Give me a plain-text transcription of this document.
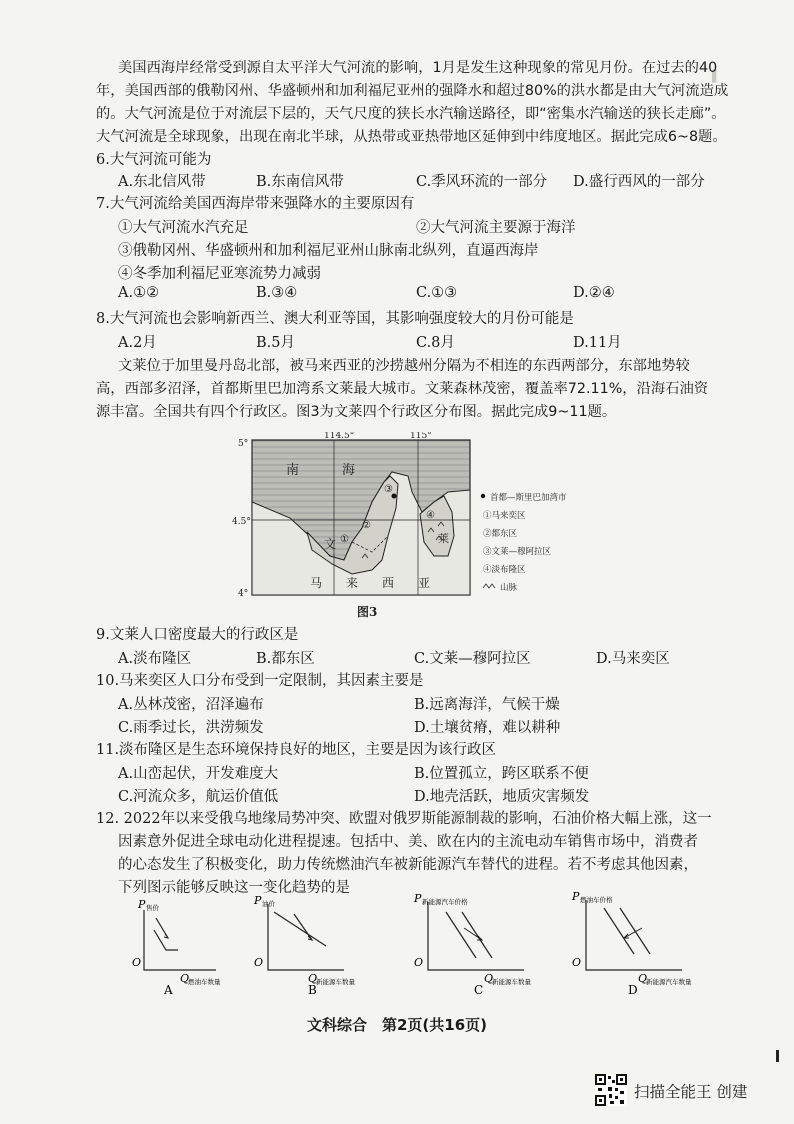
▌
美国西海岸经常受到源自太平洋大气河流的影响，1月是发生这种现象的常见月份。在过去的40
年，美国西部的俄勒冈州、华盛顿州和加利福尼亚州的强降水和超过80%的洪水都是由大气河流造成
的。大气河流是位于对流层下层的，天气尺度的狭长水汽输送路径，即“密集水汽输送的狭长走廊”。
大气河流是全球现象，出现在南北半球，从热带或亚热带地区延伸到中纬度地区。据此完成6~8题。
6.大气河流可能为
A.东北信风带	B.东南信风带	C.季风环流的一部分 D.盛行西风的一部分
7.大气河流给美国西海岸带来强降水的主要原因有
①大气河流水汽充足	②大气河流主要源于海洋
③俄勒冈州、华盛顿州和加利福尼亚州山脉南北纵列，直逼西海岸
④冬季加利福尼亚寒流势力减弱
A.①②	B.③④	C.①③	D.②④
8.大气河流也会影响新西兰、澳大利亚等国，其影响强度较大的月份可能是
A.2月	B.5月	C.8月	D.11月
文莱位于加里曼丹岛北部，被马来西亚的沙捞越州分隔为不相连的东西两部分，东部地势较
高，西部多沼泽，首都斯里巴加湾系文莱最大城市。文莱森林茂密，覆盖率72.11%，沿海石油资
源丰富。全国共有四个行政区。图3为文莱四个行政区分布图。据此完成9~11题。
114.5°	115°
5°
4.5°
4°
南	海
文
马 来 西 亚
莱
①
②
③
④
首都—斯里巴加湾市
①马来奕区
②都东区
③文莱—穆阿拉区
④淡布隆区
山脉
图3
9.文莱人口密度最大的行政区是
A.淡布隆区	B.都东区	C.文莱—穆阿拉区	D.马来奕区
10.马来奕区人口分布受到一定限制，其因素主要是
A.丛林茂密，沼泽遍布	B.远离海洋，气候干燥
C.雨季过长，洪涝频发	D.土壤贫瘠，难以耕种
11.淡布隆区是生态环境保持良好的地区，主要是因为该行政区
A.山峦起伏，开发难度大	B.位置孤立，跨区联系不便
C.河流众多，航运价值低	D.地壳活跃，地质灾害频发
12. 2022年以来受俄乌地缘局势冲突、欧盟对俄罗斯能源制裁的影响，石油价格大幅上涨，这一
因素意外促进全球电动化进程提速。包括中、美、欧在内的主流电动车销售市场中，消费者
的心态发生了积极变化，助力传统燃油汽车被新能源汽车替代的进程。若不考虑其他因素，
下列图示能够反映这一变化趋势的是
P 售价
O
Q
燃油车数量
A
P 油价
O
Q
新能源车数量
B
P 新能源汽车价格
O
Q
新能源车数量
C
P 燃油车价格
O
Q
新能源汽车数量
D
文科综合　第2页(共16页)
扫描全能王 创建
